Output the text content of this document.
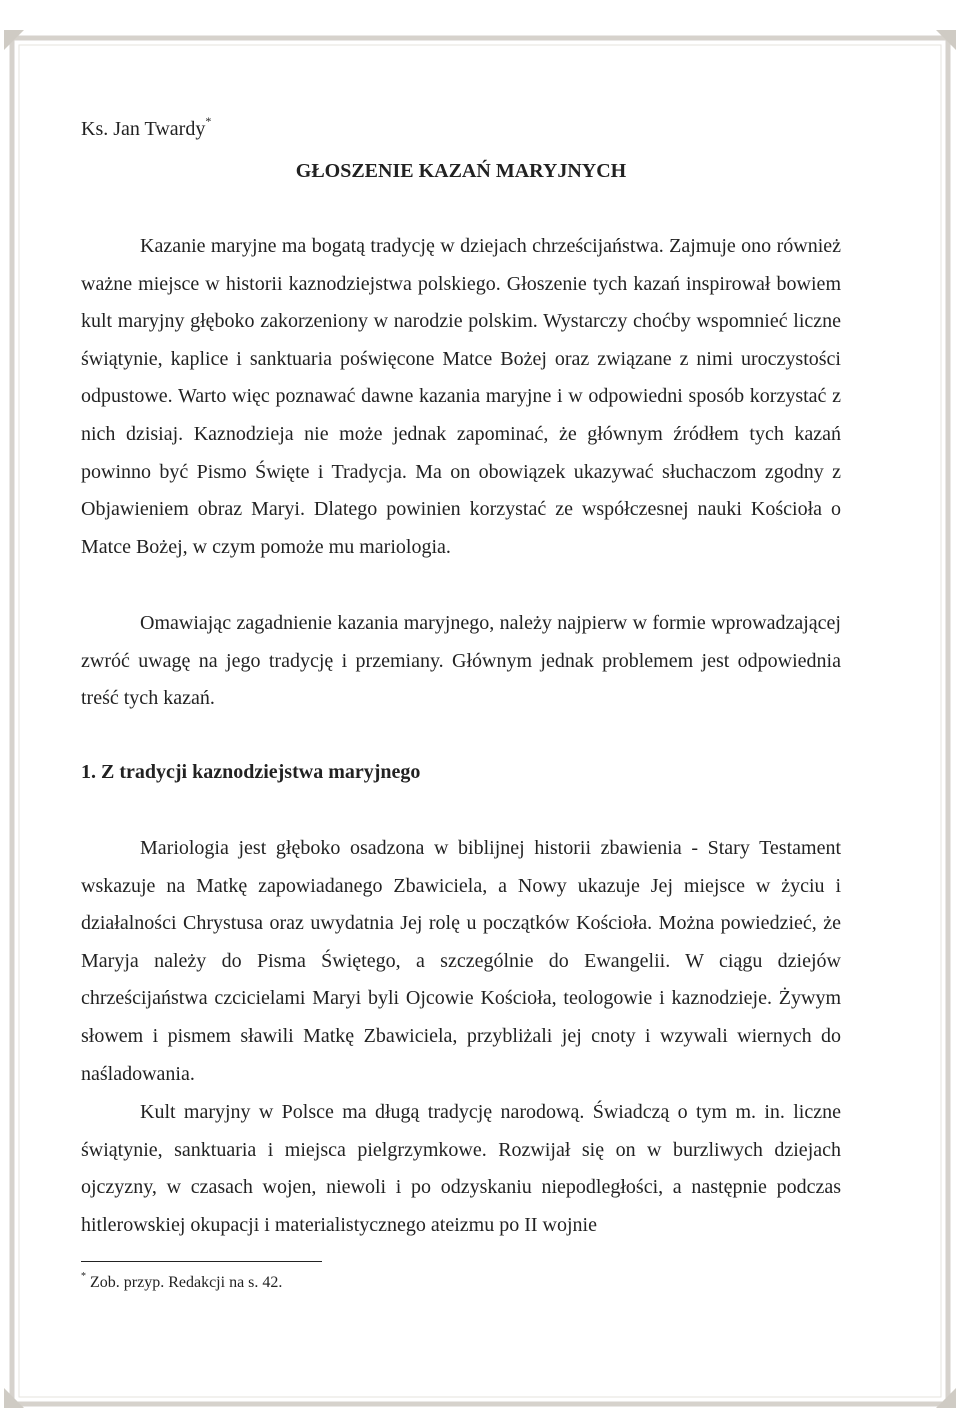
Ks. Jan Twardy*
GŁOSZENIE KAZAŃ MARYJNYCH

Kazanie maryjne ma bogatą tradycję w dziejach chrześcijaństwa. Zajmuje ono również ważne miejsce w historii kaznodziejstwa polskiego. Głoszenie tych kazań inspirował bowiem kult maryjny głęboko zakorzeniony w narodzie polskim. Wystarczy choćby wspomnieć liczne świątynie, kaplice i sanktuaria poświęcone Matce Bożej oraz związane z nimi uroczystości odpustowe. Warto więc poznawać dawne kazania maryjne i w odpowiedni sposób korzystać z nich dzisiaj. Kaznodzieja nie może jednak zapominać, że głównym źródłem tych kazań powinno być Pismo Święte i Tradycja. Ma on obowiązek ukazywać słuchaczom zgodny z Objawieniem obraz Maryi. Dlatego powinien korzystać ze współczesnej nauki Kościoła o Matce Bożej, w czym pomoże mu mariologia.

Omawiając zagadnienie kazania maryjnego, należy najpierw w formie wprowadzającej zwróć uwagę na jego tradycję i przemiany. Głównym jednak problemem jest odpowiednia treść tych kazań.

1. Z tradycji kaznodziejstwa maryjnego

Mariologia jest głęboko osadzona w biblijnej historii zbawienia - Stary Testament wskazuje na Matkę zapowiadanego Zbawiciela, a Nowy ukazuje Jej miejsce w życiu i działalności Chrystusa oraz uwydatnia Jej rolę u początków Kościoła. Można powiedzieć, że Maryja należy do Pisma Świętego, a szczególnie do Ewangelii. W ciągu dziejów chrześcijaństwa czcicielami Maryi byli Ojcowie Kościoła, teologowie i kaznodzieje. Żywym słowem i pismem sławili Matkę Zbawiciela, przybliżali jej cnoty i wzywali wiernych do naśladowania.

Kult maryjny w Polsce ma długą tradycję narodową. Świadczą o tym m. in. liczne świątynie, sanktuaria i miejsca pielgrzymkowe. Rozwijał się on w burzliwych dziejach ojczyzny, w czasach wojen, niewoli i po odzyskaniu niepodległości, a następnie podczas hitlerowskiej okupacji i materialistycznego ateizmu po II wojnie

* Zob. przyp. Redakcji na s. 42.
